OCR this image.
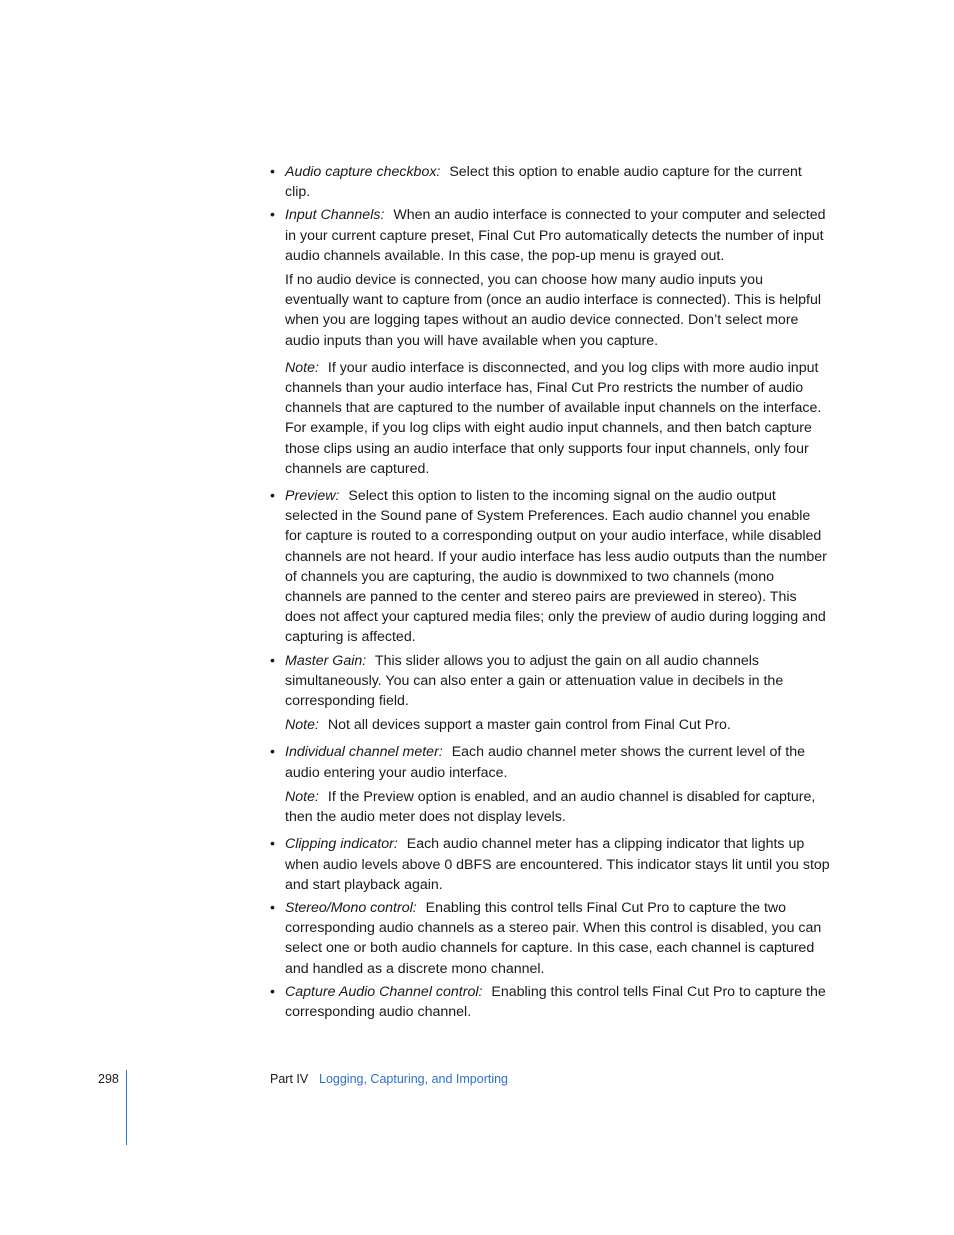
• Audio capture checkbox: Select this option to enable audio capture for the current clip.
• Input Channels: When an audio interface is connected to your computer and selected in your current capture preset, Final Cut Pro automatically detects the number of input audio channels available. In this case, the pop-up menu is grayed out.
If no audio device is connected, you can choose how many audio inputs you eventually want to capture from (once an audio interface is connected). This is helpful when you are logging tapes without an audio device connected. Don’t select more audio inputs than you will have available when you capture.
Note: If your audio interface is disconnected, and you log clips with more audio input channels than your audio interface has, Final Cut Pro restricts the number of audio channels that are captured to the number of available input channels on the interface. For example, if you log clips with eight audio input channels, and then batch capture those clips using an audio interface that only supports four input channels, only four channels are captured.
• Preview: Select this option to listen to the incoming signal on the audio output selected in the Sound pane of System Preferences. Each audio channel you enable for capture is routed to a corresponding output on your audio interface, while disabled channels are not heard. If your audio interface has less audio outputs than the number of channels you are capturing, the audio is downmixed to two channels (mono channels are panned to the center and stereo pairs are previewed in stereo). This does not affect your captured media files; only the preview of audio during logging and capturing is affected.
• Master Gain: This slider allows you to adjust the gain on all audio channels simultaneously. You can also enter a gain or attenuation value in decibels in the corresponding field.
Note: Not all devices support a master gain control from Final Cut Pro.
• Individual channel meter: Each audio channel meter shows the current level of the audio entering your audio interface.
Note: If the Preview option is enabled, and an audio channel is disabled for capture, then the audio meter does not display levels.
• Clipping indicator: Each audio channel meter has a clipping indicator that lights up when audio levels above 0 dBFS are encountered. This indicator stays lit until you stop and start playback again.
• Stereo/Mono control: Enabling this control tells Final Cut Pro to capture the two corresponding audio channels as a stereo pair. When this control is disabled, you can select one or both audio channels for capture. In this case, each channel is captured and handled as a discrete mono channel.
• Capture Audio Channel control: Enabling this control tells Final Cut Pro to capture the corresponding audio channel.
298	Part IV Logging, Capturing, and Importing
